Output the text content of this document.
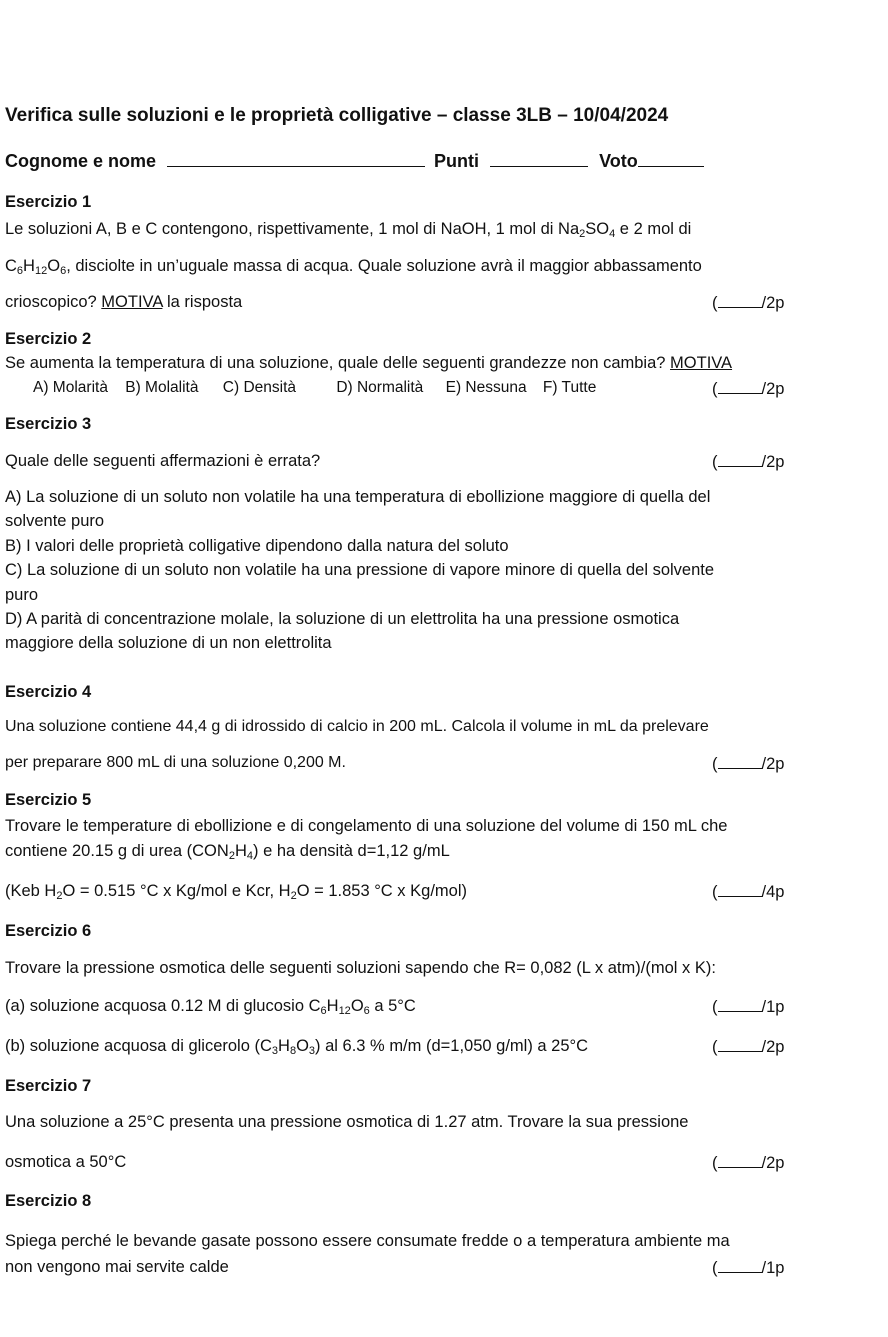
Verifica sulle soluzioni e le proprietà colligative – classe 3LB – 10/04/2024
Cognome e nome	Punti	Voto
Esercizio 1
Le soluzioni A, B e C contengono, rispettivamente, 1 mol di NaOH, 1 mol di $Na_2SO_4$ e 2 mol di
$C_6H_{12}O_6$, disciolte in un’uguale massa di acqua. Quale soluzione avrà il maggior abbassamento
crioscopico? MOTIVA la risposta	(	/2p
Esercizio 2
Se aumenta la temperatura di una soluzione, quale delle seguenti grandezze non cambia? MOTIVA
A) Molarità B) Molalità C) Densità	D) Normalità E) Nessuna F) Tutte	(	/2p
Esercizio 3
Quale delle seguenti affermazioni è errata?	(	/2p
A) La soluzione di un soluto non volatile ha una temperatura di ebollizione maggiore di quella del
solvente puro
B) I valori delle proprietà colligative dipendono dalla natura del soluto
C) La soluzione di un soluto non volatile ha una pressione di vapore minore di quella del solvente
puro
D) A parità di concentrazione molale, la soluzione di un elettrolita ha una pressione osmotica
maggiore della soluzione di un non elettrolita
Esercizio 4
Una soluzione contiene 44,4 g di idrossido di calcio in 200 mL. Calcola il volume in mL da prelevare
per preparare 800 mL di una soluzione 0,200 M.	(	/2p
Esercizio 5
Trovare le temperature di ebollizione e di congelamento di una soluzione del volume di 150 mL che
contiene 20.15 g di urea $(CON_2H_4)$ e ha densità d=1,12 g/mL
(Keb $H_2O = 0.515$ °C x Kg/mol e Kcr, $H_2O = 1.853$ °C x Kg/mol)	(	/4p
Esercizio 6
Trovare la pressione osmotica delle seguenti soluzioni sapendo che R= 0,082 (L x atm)/(mol x K):
(a) soluzione acquosa 0.12 M di glucosio $C_6H_{12}O_6$ a 5°C	(	/1p
(b) soluzione acquosa di glicerolo $(C_3H_8O_3)$ al 6.3 % m/m (d=1,050 g/ml) a 25°C	(	/2p
Esercizio 7
Una soluzione a 25°C presenta una pressione osmotica di 1.27 atm. Trovare la sua pressione
osmotica a 50°C	(	/2p
Esercizio 8
Spiega perché le bevande gasate possono essere consumate fredde o a temperatura ambiente ma
non vengono mai servite calde	(	/1p
